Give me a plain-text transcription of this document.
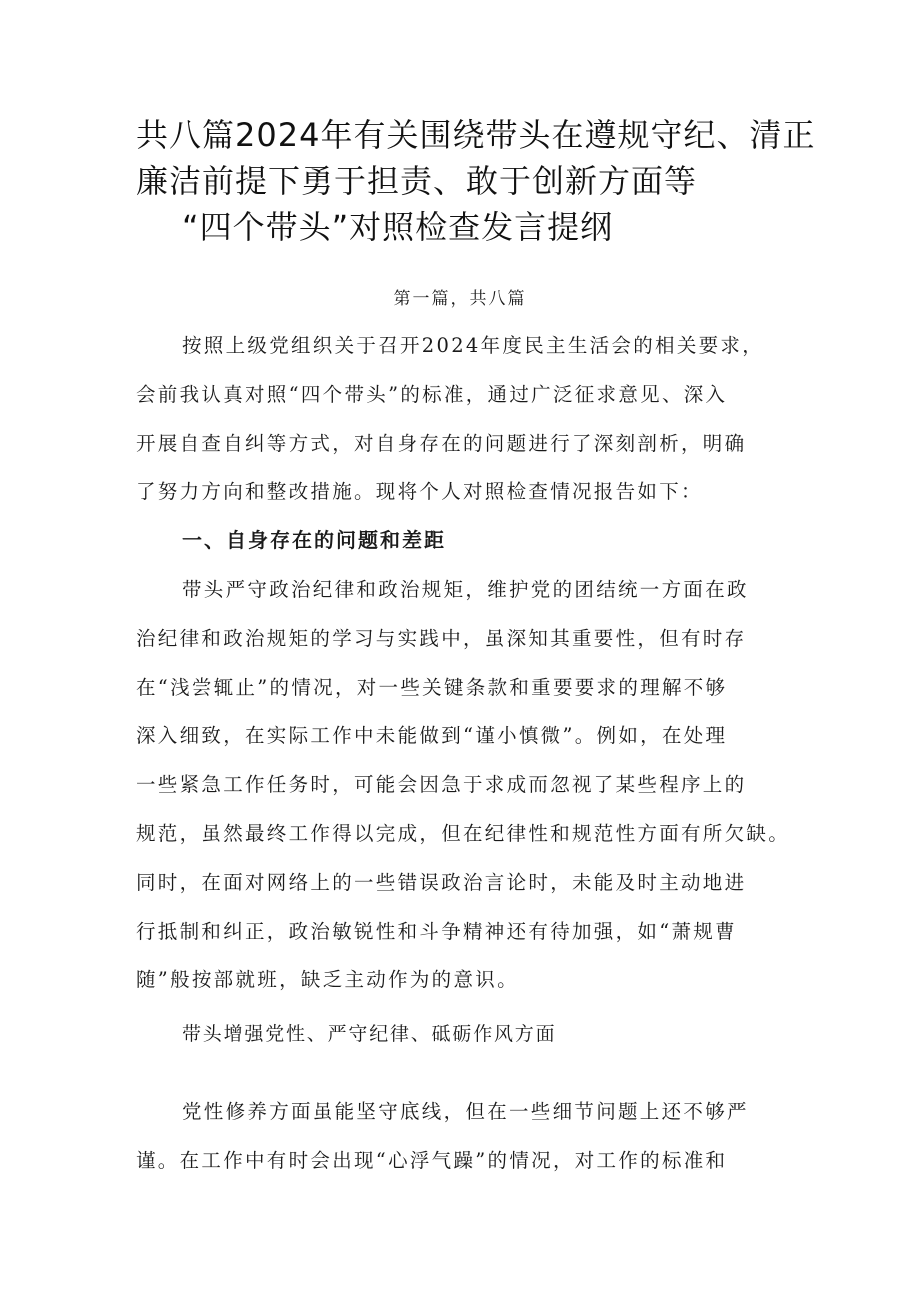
共八篇2024年有关围绕带头在遵规守纪、清正
廉洁前提下勇于担责、敢于创新方面等
“四个带头”对照检查发言提纲
第一篇，共八篇
按照上级党组织关于召开2024年度民主生活会的相关要求，
会前我认真对照“四个带头”的标准，通过广泛征求意见、深入
开展自查自纠等方式，对自身存在的问题进行了深刻剖析，明确
了努力方向和整改措施。现将个人对照检查情况报告如下：
一、自身存在的问题和差距
带头严守政治纪律和政治规矩，维护党的团结统一方面在政
治纪律和政治规矩的学习与实践中，虽深知其重要性，但有时存
在“浅尝辄止”的情况，对一些关键条款和重要要求的理解不够
深入细致，在实际工作中未能做到“谨小慎微”。例如，在处理
一些紧急工作任务时，可能会因急于求成而忽视了某些程序上的
规范，虽然最终工作得以完成，但在纪律性和规范性方面有所欠缺。
同时，在面对网络上的一些错误政治言论时，未能及时主动地进
行抵制和纠正，政治敏锐性和斗争精神还有待加强，如“萧规曹
随”般按部就班，缺乏主动作为的意识。
带头增强党性、严守纪律、砥砺作风方面
党性修养方面虽能坚守底线，但在一些细节问题上还不够严
谨。在工作中有时会出现“心浮气躁”的情况，对工作的标准和
